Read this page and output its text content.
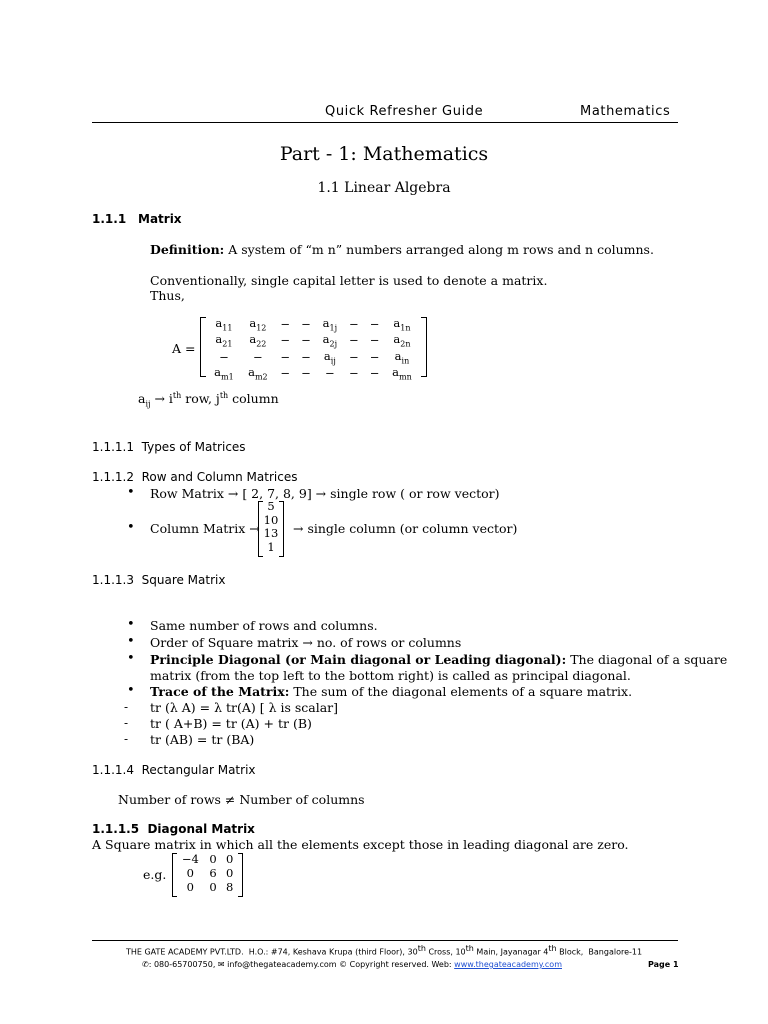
Quick Refresher Guide	Mathematics
Part - 1: Mathematics
1.1 Linear Algebra
1.1.1 Matrix
Definition: A system of “m n” numbers arranged along m rows and n columns.
Conventionally, single capital letter is used to denote a matrix.
Thus,
A =
$a_{11}$	$a_{12}$	−	−	$a_{1j}$	−	−	$a_{1n}$
$a_{21}$	$a_{22}$	−	−	$a_{2j}$	−	−	$a_{2n}$
−	−	−	−	$a_{ij}$	−	−	$a_{in}$
$a_{m1}$	$a_{m2}$	−	−	−	−	−	$a_{mn}$
$a_{ij} \to i^{th}$ row, $j^{th}$ column
1.1.1.1 Types of Matrices
1.1.1.2 Row and Column Matrices
• Row Matrix → [ 2, 7, 8, 9] → single row ( or row vector)
• Column Matrix →
5
10
13
1
→ single column (or column vector)
1.1.1.3 Square Matrix
• Same number of rows and columns.
• Order of Square matrix → no. of rows or columns
• Principle Diagonal (or Main diagonal or Leading diagonal): The diagonal of a square
matrix (from the top left to the bottom right) is called as principal diagonal.
• Trace of the Matrix: The sum of the diagonal elements of a square matrix.
- tr (λ A) = λ tr(A) [ λ is scalar]
- tr ( A+B) = tr (A) + tr (B)
- tr (AB) = tr (BA)
1.1.1.4 Rectangular Matrix
Number of rows ≠ Number of columns
1.1.1.5 Diagonal Matrix
A Square matrix in which all the elements except those in leading diagonal are zero.
e.g.
−4	0	0
0	6	0
0	0	8
THE GATE ACADEMY PVT.LTD.  H.O.: #74, Keshava Krupa (third Floor), 30th Cross, 10th Main, Jayanagar 4th Block,  Bangalore-11
✆: 080-65700750, ✉ info@thegateacademy.com © Copyright reserved. Web: www.thegateacademy.com	Page 1
